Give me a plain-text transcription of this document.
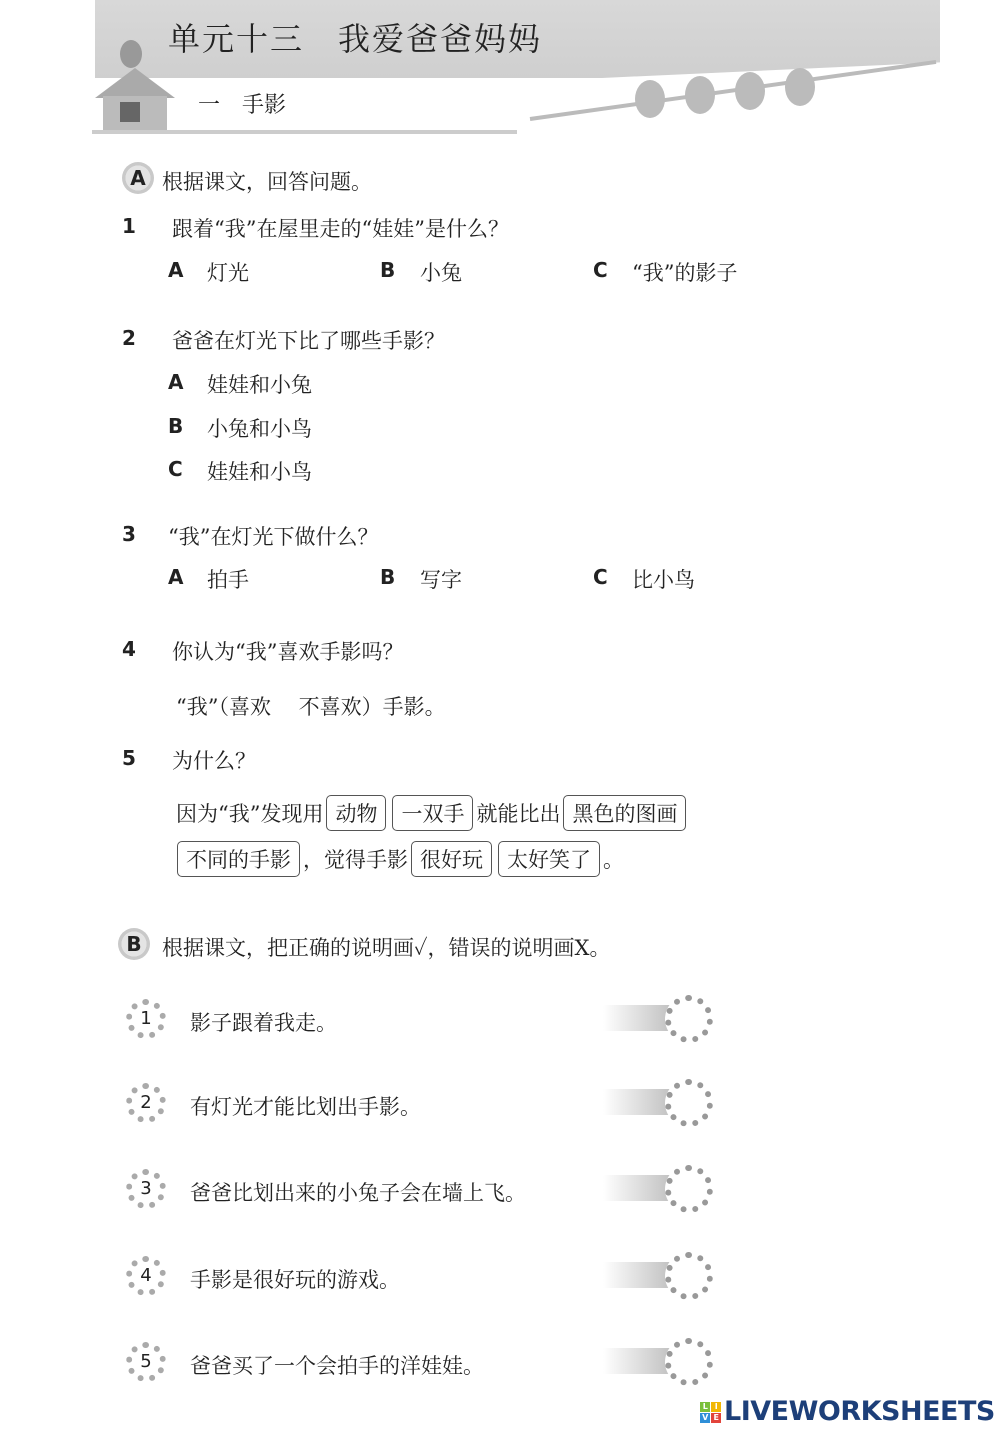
单元十三　我爱爸爸妈妈
一　手影
A 根据课文，回答问题。
1 跟着“我”在屋里走的“娃娃”是什么？
A 灯光	B 小兔	C “我”的影子
2 爸爸在灯光下比了哪些手影？
A 娃娃和小兔
B 小兔和小鸟
C 娃娃和小鸟
3 “我”在灯光下做什么？
A 拍手	B 写字	C 比小鸟
4 你认为“我”喜欢手影吗？
“我”（喜欢　 不喜欢）手影。
5 为什么？
因为“我”发现用 动物 一双手 就能比出 黑色的图画
不同的手影 ，觉得手影 很好玩 太好笑了 。
B 根据课文，把正确的说明画✓，错误的说明画X。
1	影子跟着我走。
2	有灯光才能比划出手影。
3	爸爸比划出来的小兔子会在墙上飞。
4	手影是很好玩的游戏。
5	爸爸买了一个会拍手的洋娃娃。
L I
V E LIVEWORKSHEETS
